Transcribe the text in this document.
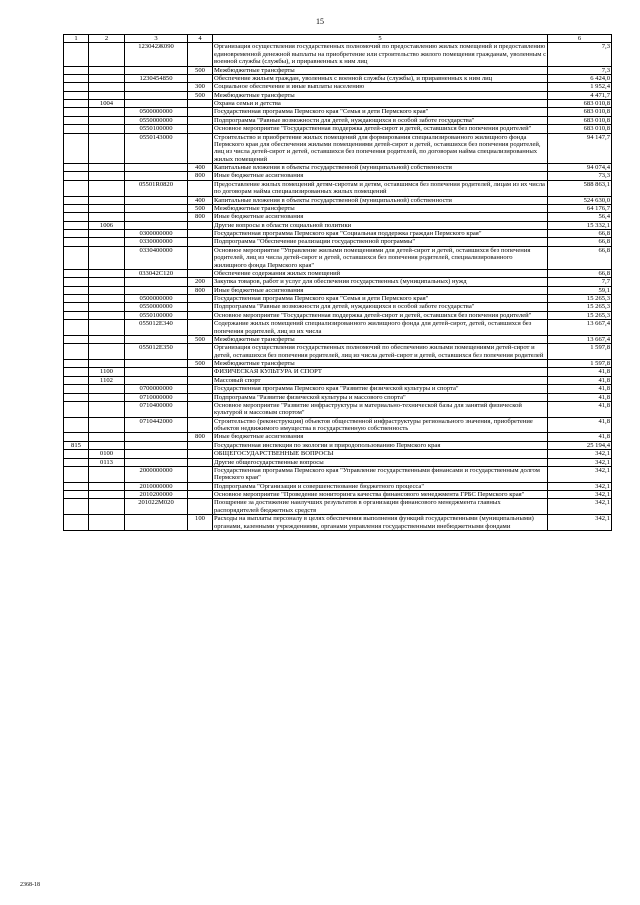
15
1	2	3	4	5	6
		123042Ж090		Организация осуществления государственных полномочий по предоставлению жилых помещений и предоставлению единовременной денежной выплаты на приобретение или строительство жилого помещения гражданам, уволенным с военной службы (службы), и приравненных к ним лиц	7,3
			500	Межбюджетные трансферты	7,3
		1230454850		Обеспечение жильем граждан, уволенных с военной службы (службы), и приравненных к ним лиц	6 424,0
			300	Социальное обеспечение и иные выплаты населению	1 952,4
			500	Межбюджетные трансферты	4 471,7
	1004			Охрана семьи и детства	683 010,8
		0500000000		Государственная программа Пермского края "Семья и дети Пермского края"	683 010,8
		0550000000		Подпрограмма "Равные возможности для детей, нуждающихся в особой заботе государства"	683 010,8
		0550100000		Основное мероприятие "Государственная поддержка детей-сирот и детей, оставшихся без попечения родителей"	683 010,8
		0550143000		Строительство и приобретение жилых помещений для формирования специализированного жилищного фонда Пермского края для обеспечения жилыми помещениями детей-сирот и детей, оставшихся без попечения родителей, лиц из числа детей-сирот и детей, оставшихся без попечения родителей, по договорам найма специализированных жилых помещений	94 147,7
			400	Капитальные вложения в объекты государственной (муниципальной) собственности	94 074,4
			800	Иные бюджетные ассигнования	73,3
		05501R0820		Предоставление жилых помещений детям-сиротам и детям, оставшимся без попечения родителей, лицам из их числа по договорам найма специализированных жилых помещений	588 863,1
			400	Капитальные вложения в объекты государственной (муниципальной) собственности	524 630,0
			500	Межбюджетные трансферты	64 176,7
			800	Иные бюджетные ассигнования	56,4
	1006			Другие вопросы в области социальной политики	15 332,1
		0300000000		Государственная программа Пермского края "Социальная поддержка граждан Пермского края"	66,8
		0330000000		Подпрограмма "Обеспечение реализации государственной программы"	66,8
		0330400000		Основное мероприятие "Управление жилыми помещениями для детей-сирот и детей, оставшихся без попечения родителей, лиц из числа детей-сирот и детей, оставшихся без попечения родителей, специализированного жилищного фонда Пермского края"	66,8
		033042С120		Обеспечение содержания жилых помещений	66,8
			200	Закупка товаров, работ и услуг для обеспечения государственных (муниципальных) нужд	7,7
			800	Иные бюджетные ассигнования	59,1
		0500000000		Государственная программа Пермского края "Семья и дети Пермского края"	15 265,3
		0550000000		Подпрограмма "Равные возможности для детей, нуждающихся в особой заботе государства"	15 265,3
		0550100000		Основное мероприятие "Государственная поддержка детей-сирот и детей, оставшихся без попечения родителей"	15 265,3
		055012Е340		Содержание жилых помещений специализированного жилищного фонда для детей-сирот, детей, оставшихся без попечения родителей, лиц из их числа	13 667,4
			500	Межбюджетные трансферты	13 667,4
		055012Е350		Организация осуществления государственных полномочий по обеспечению жилыми помещениями детей-сирот и детей, оставшихся без попечения родителей, лиц из числа детей-сирот и детей, оставшихся без попечения родителей	1 597,8
			500	Межбюджетные трансферты	1 597,8
	1100			ФИЗИЧЕСКАЯ КУЛЬТУРА И СПОРТ	41,8
	1102			Массовый спорт	41,8
		0700000000		Государственная программа Пермского края "Развитие физической культуры и спорта"	41,8
		0710000000		Подпрограмма "Развитие физической культуры и массового спорта"	41,8
		0710400000		Основное мероприятие "Развитие инфраструктуры и материально-технической базы для занятий физической культурой и массовым спортом"	41,8
		0710442000		Строительство (реконструкция) объектов общественной инфраструктуры регионального значения, приобретение объектов недвижимого имущества в государственную собственность	41,8
			800	Иные бюджетные ассигнования	41,8
815				Государственная инспекция по экологии и природопользованию Пермского края	25 194,4
	0100			ОБЩЕГОСУДАРСТВЕННЫЕ ВОПРОСЫ	342,1
	0113			Другие общегосударственные вопросы	342,1
		2000000000		Государственная программа Пермского края "Управление государственными финансами и государственным долгом Пермского края"	342,1
		2010000000		Подпрограмма "Организация и совершенствование бюджетного процесса"	342,1
		2010200000		Основное мероприятие "Проведение мониторинга качества финансового менеджмента ГРБС Пермского края"	342,1
		201022М020		Поощрение за достижение наилучших результатов в организации финансового менеджмента главных распорядителей бюджетных средств	342,1
			100	Расходы на выплаты персоналу в целях обеспечения выполнения функций государственными (муниципальными) органами, казенными учреждениями, органами управления государственными внебюджетными фондами	342,1
2368-18
